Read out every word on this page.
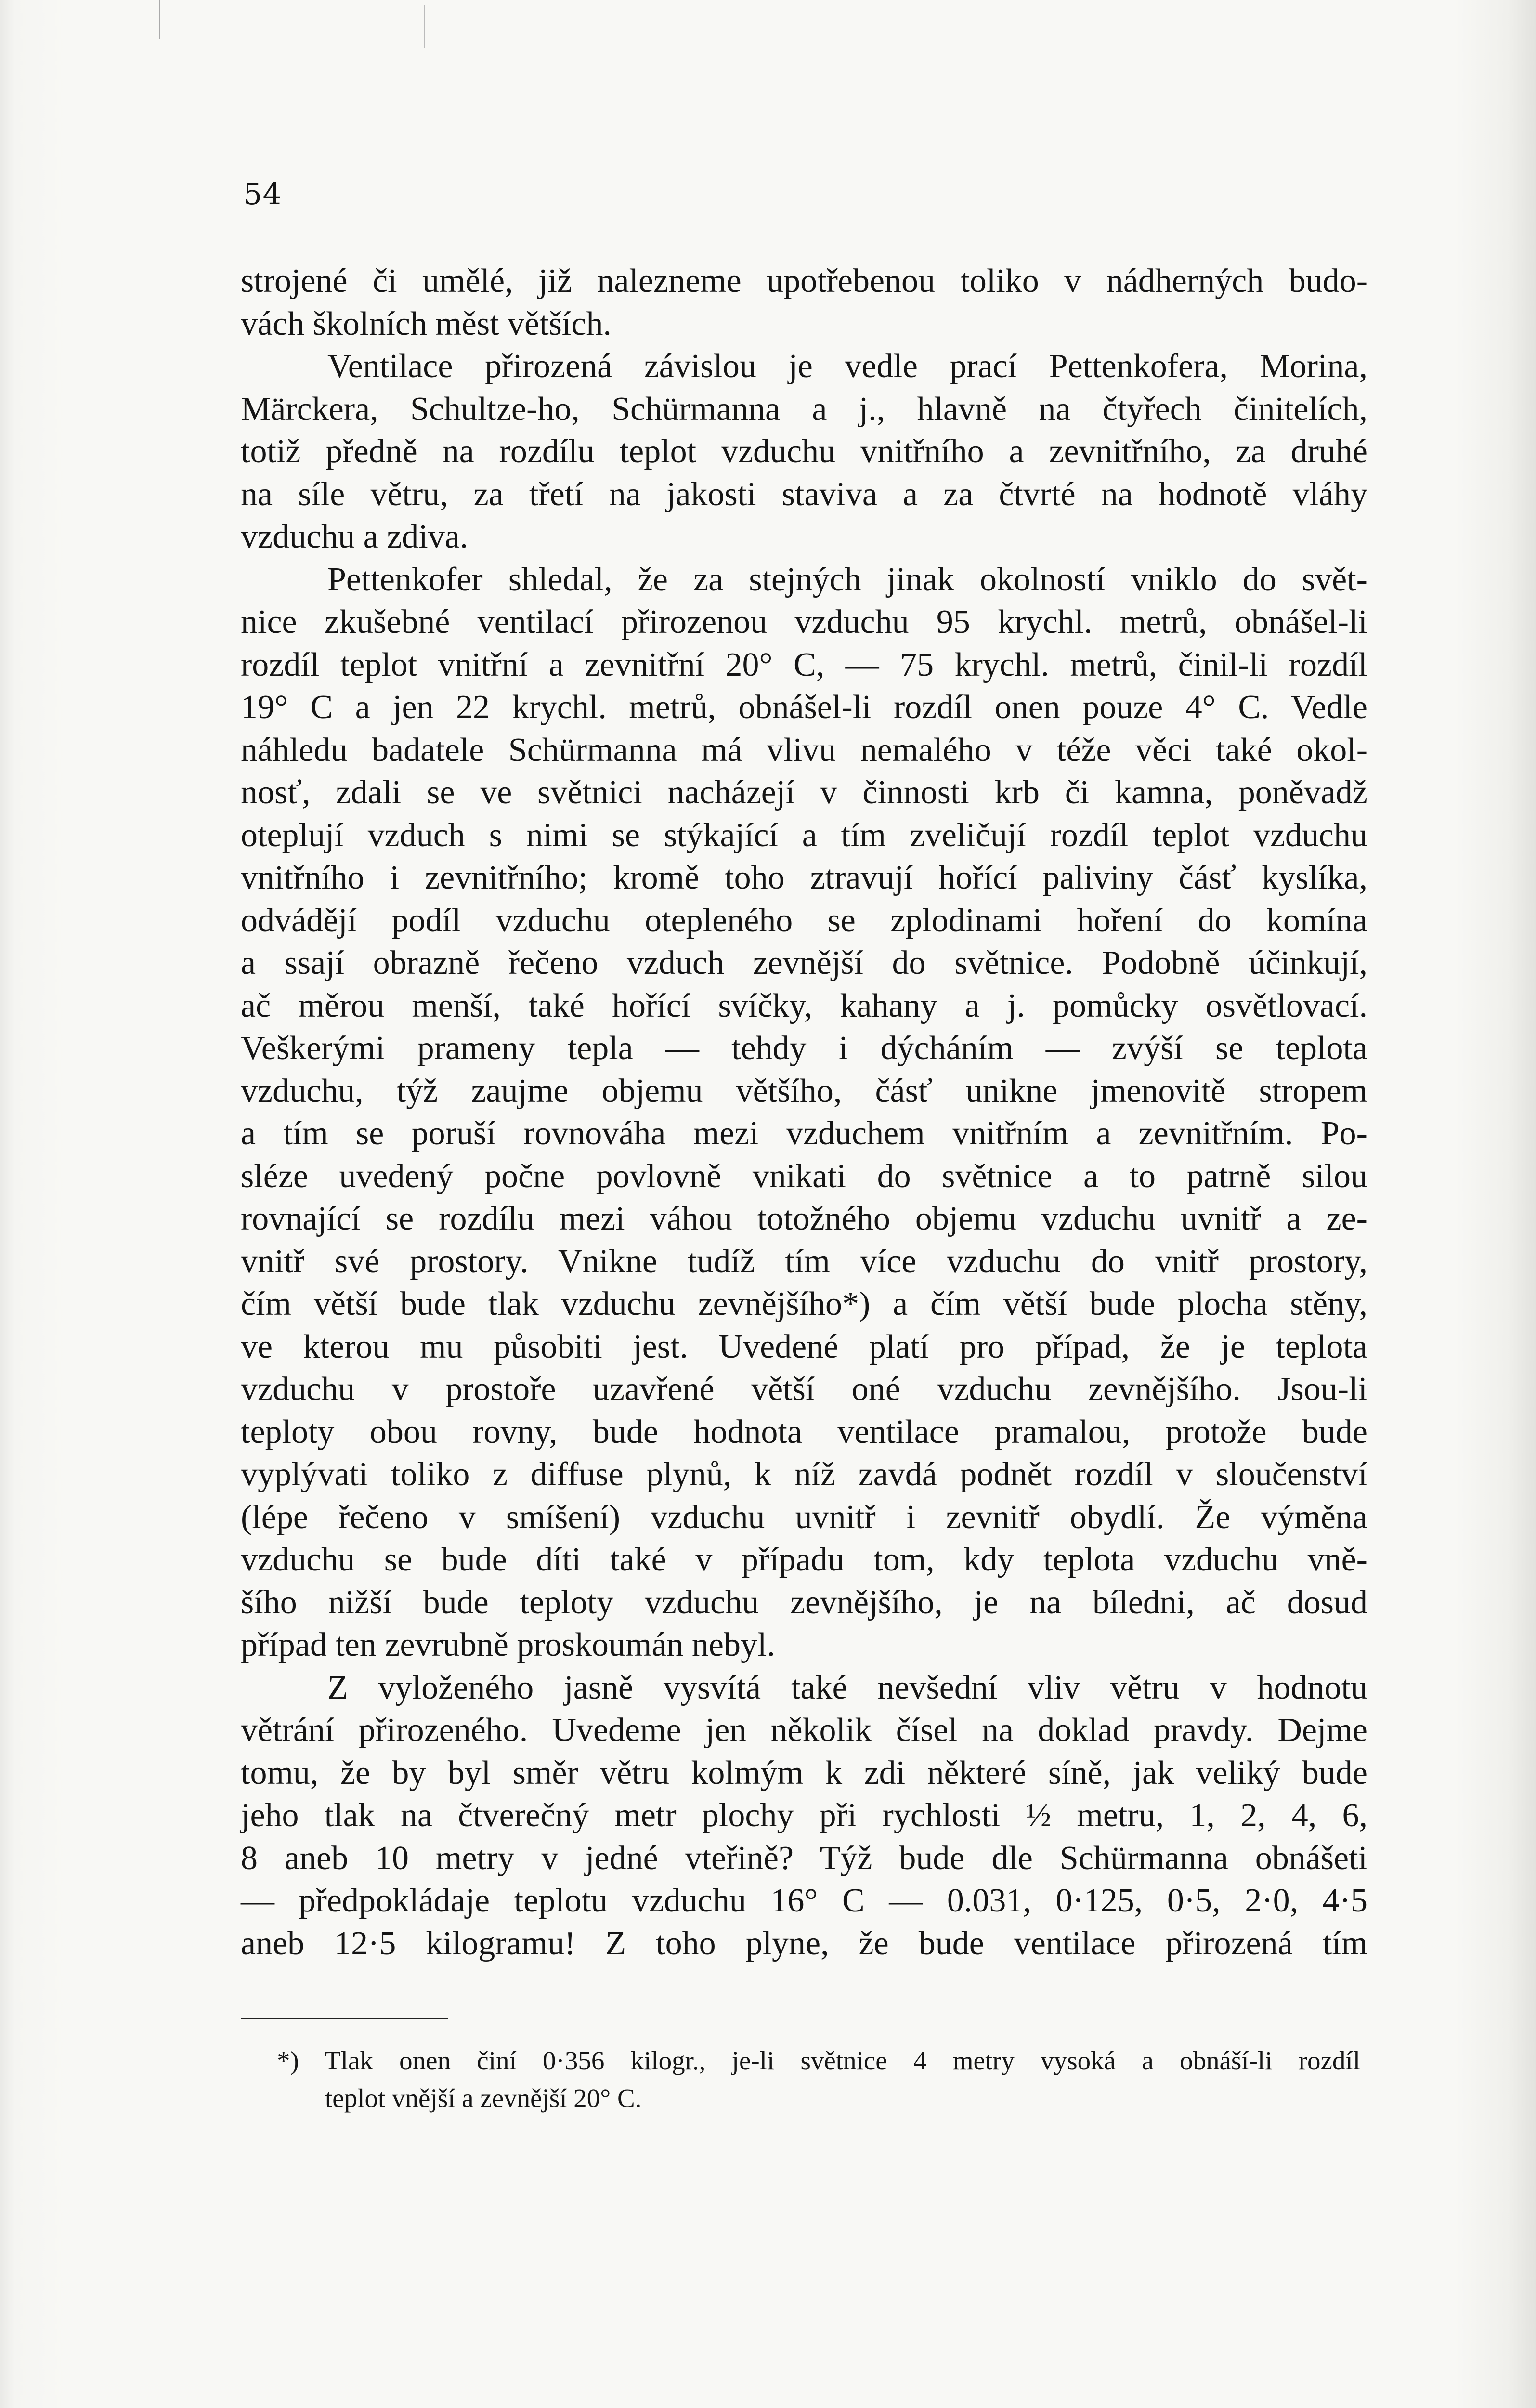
54

strojené či umělé, již nalezneme upotřebenou toliko v nádherných budo-
vách školních měst větších.

Ventilace přirozená závislou je vedle prací Pettenkofera, Morina,
Märckera, Schultze-ho, Schürmanna a j., hlavně na čtyřech činitelích,
totiž předně na rozdílu teplot vzduchu vnitřního a zevnitřního, za druhé
na síle větru, za třetí na jakosti staviva a za čtvrté na hodnotě vláhy
vzduchu a zdiva.

Pettenkofer shledal, že za stejných jinak okolností vniklo do svět-
nice zkušebné ventilací přirozenou vzduchu 95 krychl. metrů, obnášel-li
rozdíl teplot vnitřní a zevnitřní 20° C, — 75 krychl. metrů, činil-li rozdíl
19° C a jen 22 krychl. metrů, obnášel-li rozdíl onen pouze 4° C. Vedle
náhledu badatele Schürmanna má vlivu nemalého v téže věci také okol-
nosť, zdali se ve světnici nacházejí v činnosti krb či kamna, poněvadž
oteplují vzduch s nimi se stýkající a tím zveličují rozdíl teplot vzduchu
vnitřního i zevnitřního; kromě toho ztravují hořící paliviny čásť kyslíka,
odvádějí podíl vzduchu otepleného se zplodinami hoření do komína
a ssají obrazně řečeno vzduch zevnější do světnice. Podobně účinkují,
ač měrou menší, také hořící svíčky, kahany a j. pomůcky osvětlovací.
Veškerými prameny tepla — tehdy i dýcháním — zvýší se teplota
vzduchu, týž zaujme objemu většího, čásť unikne jmenovitě stropem
a tím se poruší rovnováha mezi vzduchem vnitřním a zevnitřním. Po-
sléze uvedený počne povlovně vnikati do světnice a to patrně silou
rovnající se rozdílu mezi váhou totožného objemu vzduchu uvnitř a ze-
vnitř své prostory. Vnikne tudíž tím více vzduchu do vnitř prostory,
čím větší bude tlak vzduchu zevnějšího*) a čím větší bude plocha stěny,
ve kterou mu působiti jest. Uvedené platí pro případ, že je teplota
vzduchu v prostoře uzavřené větší oné vzduchu zevnějšího. Jsou-li
teploty obou rovny, bude hodnota ventilace pramalou, protože bude
vyplývati toliko z diffuse plynů, k níž zavdá podnět rozdíl v sloučenství
(lépe řečeno v smíšení) vzduchu uvnitř i zevnitř obydlí. Že výměna
vzduchu se bude díti také v případu tom, kdy teplota vzduchu vně-
šího nižší bude teploty vzduchu zevnějšího, je na bíledni, ač dosud
případ ten zevrubně proskoumán nebyl.

Z vyloženého jasně vysvítá také nevšední vliv větru v hodnotu
větrání přirozeného. Uvedeme jen několik čísel na doklad pravdy. Dejme
tomu, že by byl směr větru kolmým k zdi některé síně, jak veliký bude
jeho tlak na čtverečný metr plochy při rychlosti ½ metru, 1, 2, 4, 6,
8 aneb 10 metry v jedné vteřině? Týž bude dle Schürmanna obnášeti
— předpokládaje teplotu vzduchu 16° C — 0.031, 0·125, 0·5, 2·0, 4·5
aneb 12·5 kilogramu! Z toho plyne, že bude ventilace přirozená tím

*) Tlak onen činí 0·356 kilogr., je-li světnice 4 metry vysoká a obnáší-li rozdíl
teplot vnější a zevnější 20° C.
